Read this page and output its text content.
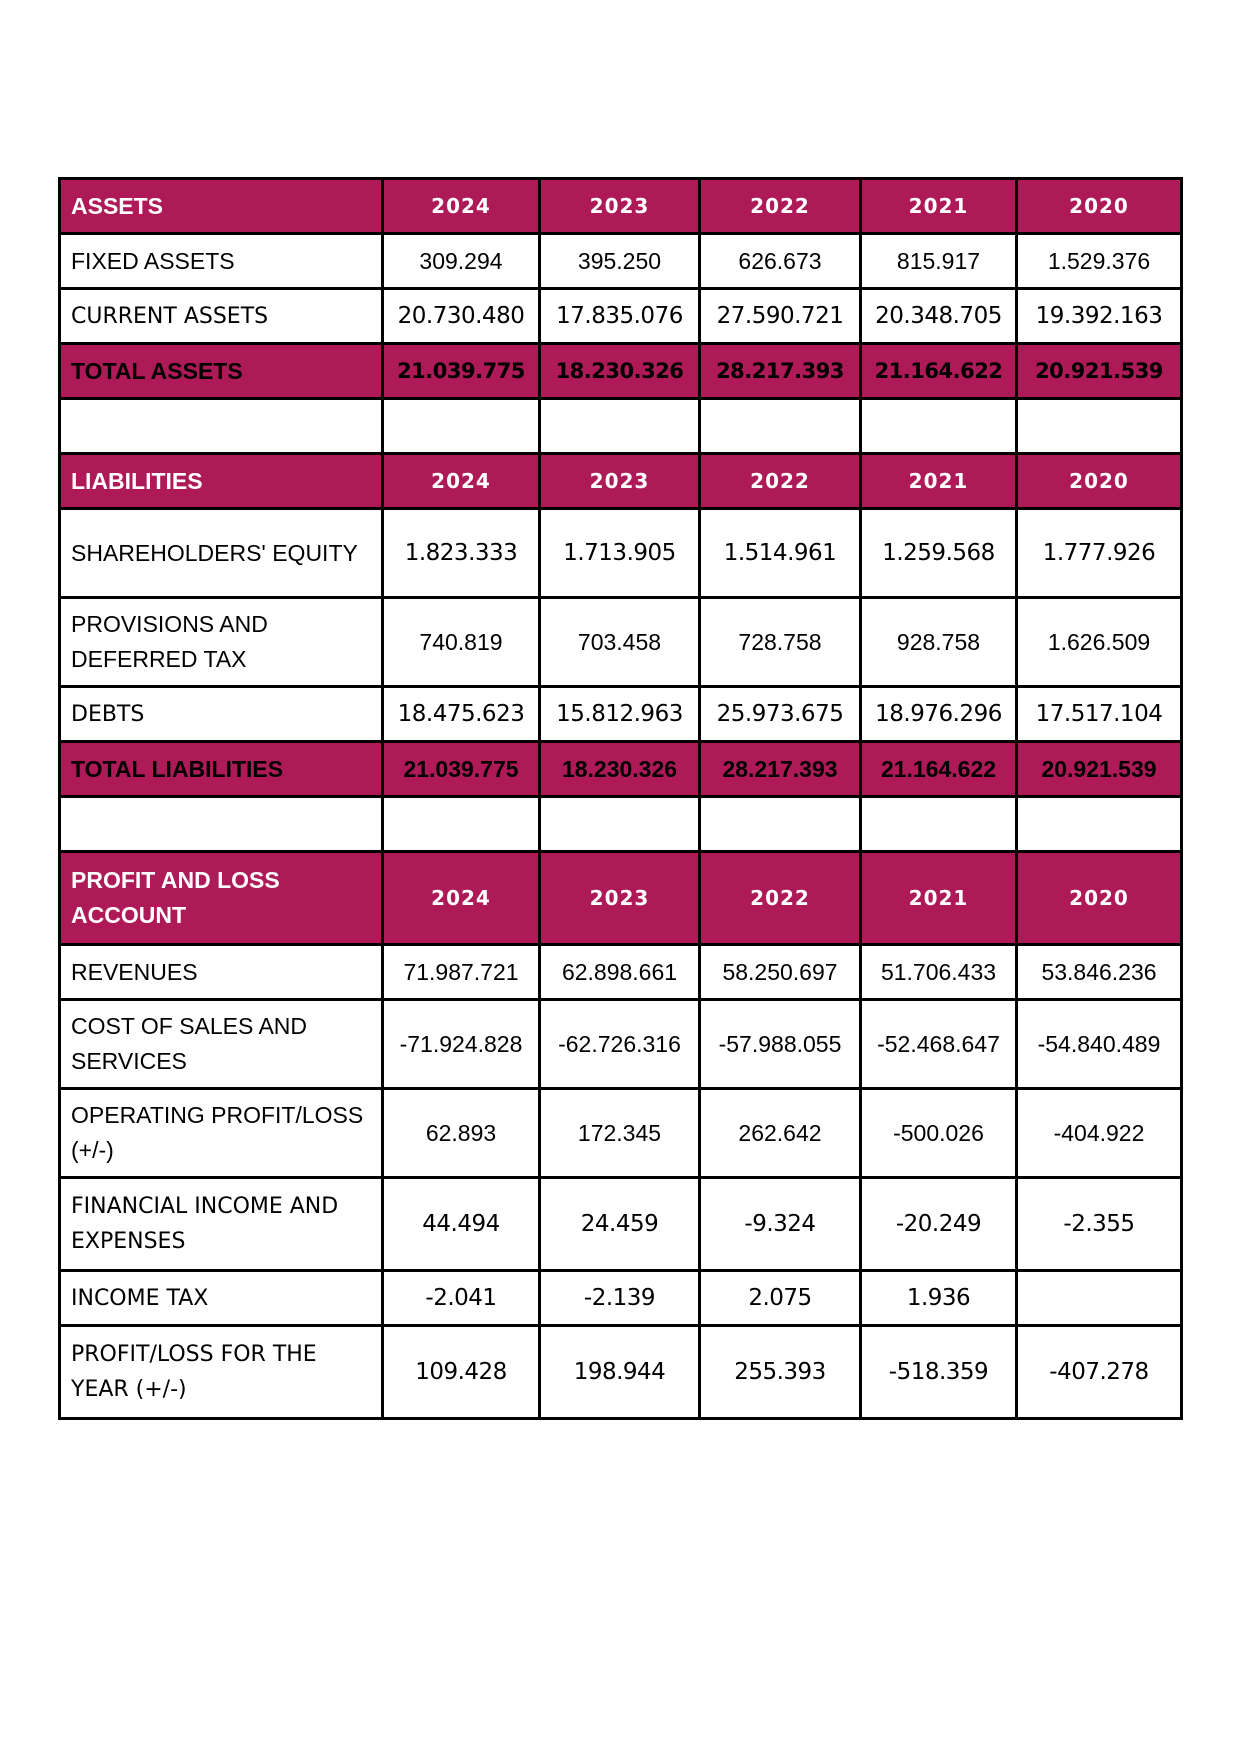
ASSETS	2024	2023	2022	2021	2020
FIXED ASSETS	309.294	395.250	626.673	815.917	1.529.376
CURRENT ASSETS	20.730.480	17.835.076	27.590.721	20.348.705	19.392.163
TOTAL ASSETS	21.039.775	18.230.326	28.217.393	21.164.622	20.921.539

LIABILITIES	2024	2023	2022	2021	2020
SHAREHOLDERS' EQUITY	1.823.333	1.713.905	1.514.961	1.259.568	1.777.926
PROVISIONS AND DEFERRED TAX	740.819	703.458	728.758	928.758	1.626.509
DEBTS	18.475.623	15.812.963	25.973.675	18.976.296	17.517.104
TOTAL LIABILITIES	21.039.775	18.230.326	28.217.393	21.164.622	20.921.539

PROFIT AND LOSS ACCOUNT	2024	2023	2022	2021	2020
REVENUES	71.987.721	62.898.661	58.250.697	51.706.433	53.846.236
COST OF SALES AND SERVICES	-71.924.828	-62.726.316	-57.988.055	-52.468.647	-54.840.489
OPERATING PROFIT/LOSS (+/-)	62.893	172.345	262.642	-500.026	-404.922
FINANCIAL INCOME AND EXPENSES	44.494	24.459	-9.324	-20.249	-2.355
INCOME TAX	-2.041	-2.139	2.075	1.936	
PROFIT/LOSS FOR THE YEAR (+/-)	109.428	198.944	255.393	-518.359	-407.278
